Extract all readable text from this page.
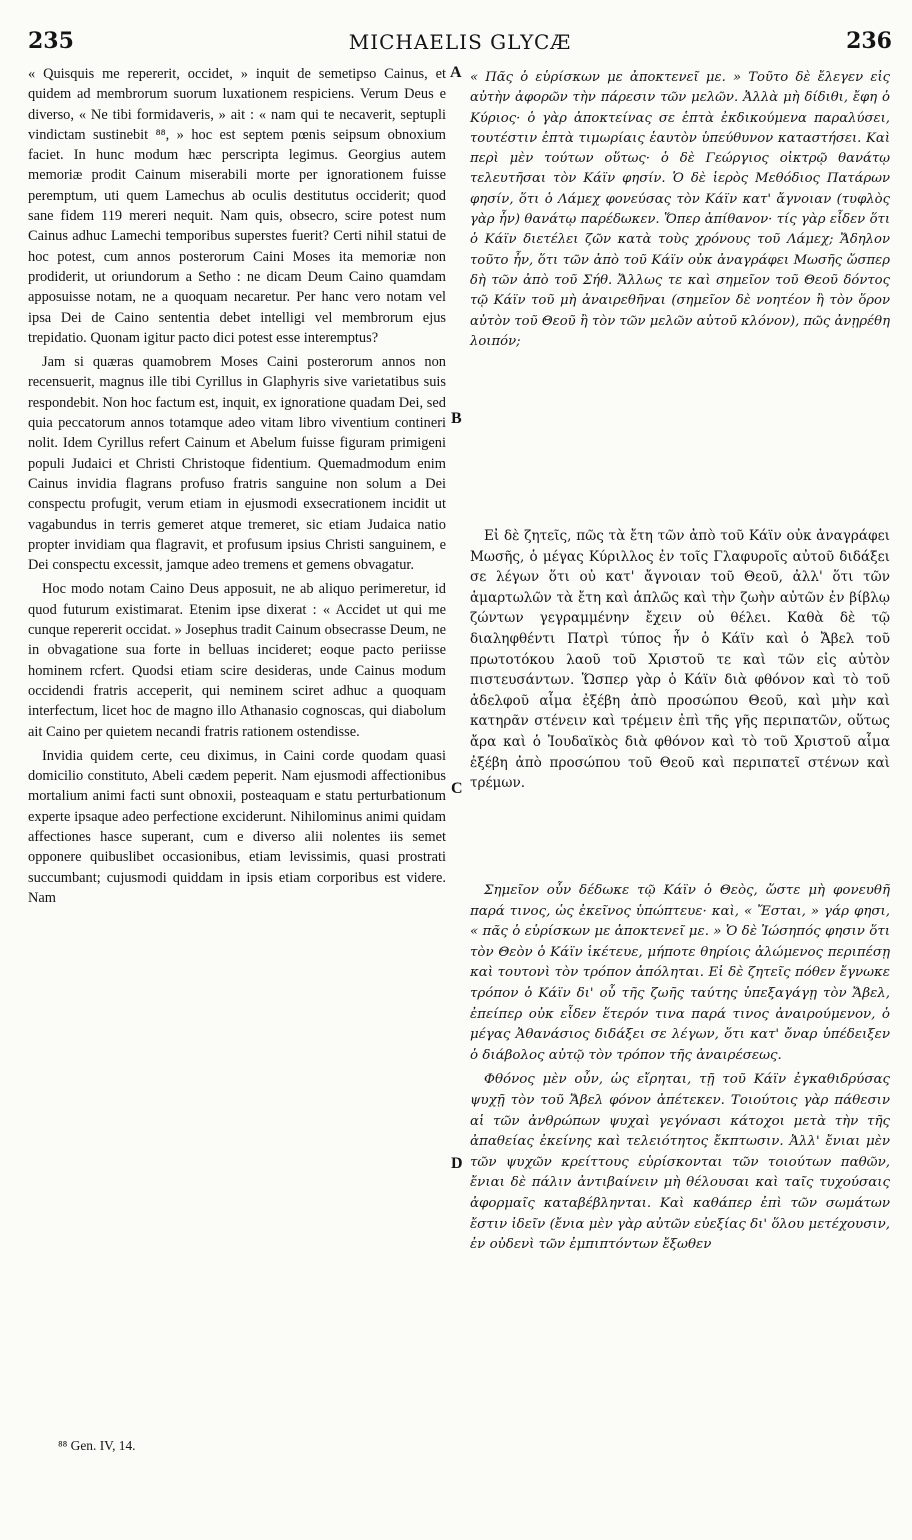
235	MICHAELIS GLYCÆ	236
A
B
C
D

« Quisquis me repererit, occidet, » inquit de semetipso Cainus, et quidem ad membrorum suorum luxationem respiciens. Verum Deus e diverso, « Ne tibi formidaveris, » ait : « nam qui te necaverit, septupli vindictam sustinebit ⁸⁸, » hoc est septem pœnis seipsum obnoxium faciet. In hunc modum hæc perscripta legimus. Georgius autem memoriæ prodit Cainum miserabili morte per ignorationem fuisse peremptum, uti quem Lamechus ab oculis destitutus occiderit; quod sane fidem 119 mereri nequit. Nam quis, obsecro, scire potest num Cainus adhuc Lamechi temporibus superstes fuerit? Certi nihil statui de hoc potest, cum annos posterorum Caini Moses ita memoriæ non prodiderit, ut oriundorum a Setho : ne dicam Deum Caino quamdam apposuisse notam, ne a quoquam necaretur. Per hanc vero notam vel ipsa Dei de Caino sententia debet intelligi vel membrorum ejus trepidatio. Quonam igitur pacto dici potest esse interemptus?

Jam si quæras quamobrem Moses Caini posterorum annos non recensuerit, magnus ille tibi Cyrillus in Glaphyris sive varietatibus suis respondebit. Non hoc factum est, inquit, ex ignoratione quadam Dei, sed quia peccatorum annos totamque adeo vitam libro viventium contineri nolit. Idem Cyrillus refert Cainum et Abelum fuisse figuram primigeni populi Judaici et Christi Christoque fidentium. Quemadmodum enim Cainus invidia flagrans profuso fratris sanguine non solum a Dei conspectu profugit, verum etiam in ejusmodi exsecrationem incidit ut vagabundus in terris gemeret atque tremeret, sic etiam Judaica natio propter invidiam qua flagravit, et profusum ipsius Christi sanguinem, e Dei conspectu excessit, jamque adeo tremens et gemens obvagatur.

Hoc modo notam Caino Deus apposuit, ne ab aliquo perimeretur, id quod futurum existimarat. Etenim ipse dixerat : « Accidet ut qui me cunque repererit occidat. » Josephus tradit Cainum obsecrasse Deum, ne in obvagatione sua forte in belluas incideret; eoque pacto periisse hominem rcfert. Quodsi etiam scire desideras, unde Cainus modum occidendi fratris acceperit, qui neminem sciret adhuc a quoquam interfectum, licet hoc de magno illo Athanasio cognoscas, qui diabolum ait Caino per quietem necandi fratris rationem ostendisse.

Invidia quidem certe, ceu diximus, in Caini corde quodam quasi domicilio constituto, Abeli cædem peperit. Nam ejusmodi affectionibus mortalium animi facti sunt obnoxii, posteaquam e statu perturbationum experte ipsaque adeo perfectione exciderunt. Nihilominus animi quidam affectiones hasce superant, cum e diverso alii nolentes iis semet opponere quibuslibet occasionibus, etiam levissimis, quasi prostrati succumbant; cujusmodi quiddam in ipsis etiam corporibus est videre. Nam

« Πᾶς ὁ εὑρίσκων με ἀποκτενεῖ με. » Τοῦτο δὲ ἔλεγεν εἰς αὐτὴν ἀφορῶν τὴν πάρεσιν τῶν μελῶν. Ἀλλὰ μὴ δίδιθι, ἔφη ὁ Κύριος· ὁ γὰρ ἀποκτείνας σε ἑπτὰ ἐκδικούμενα παραλύσει, τουτέστιν ἑπτὰ τιμωρίαις ἑαυτὸν ὑπεύθυνον καταστήσει. Καὶ περὶ μὲν τούτων οὕτως· ὁ δὲ Γεώργιος οἰκτρῷ θανάτῳ τελευτῆσαι τὸν Κάϊν φησίν. Ὁ δὲ ἱερὸς Μεθόδιος Πατάρων φησίν, ὅτι ὁ Λάμεχ φονεύσας τὸν Κάϊν κατ' ἄγνοιαν (τυφλὸς γὰρ ἦν) θανάτῳ παρέδωκεν. Ὅπερ ἀπίθανον· τίς γὰρ εἶδεν ὅτι ὁ Κάϊν διετέλει ζῶν κατὰ τοὺς χρόνους τοῦ Λάμεχ; Ἄδηλον τοῦτο ἦν, ὅτι τῶν ἀπὸ τοῦ Κάϊν οὐκ ἀναγράφει Μωσῆς ὥσπερ δὴ τῶν ἀπὸ τοῦ Σήθ. Ἄλλως τε καὶ σημεῖον τοῦ Θεοῦ δόντος τῷ Κάϊν τοῦ μὴ ἀναιρεθῆναι (σημεῖον δὲ νοητέον ἢ τὸν ὅρον αὐτὸν τοῦ Θεοῦ ἢ τὸν τῶν μελῶν αὐτοῦ κλόνον), πῶς ἀνῃρέθη λοιπόν;

Εἰ δὲ ζητεῖς, πῶς τὰ ἔτη τῶν ἀπὸ τοῦ Κάϊν οὐκ ἀναγράφει Μωσῆς, ὁ μέγας Κύριλλος ἐν τοῖς Γλαφυροῖς αὐτοῦ διδάξει σε λέγων ὅτι οὐ κατ' ἄγνοιαν τοῦ Θεοῦ, ἀλλ' ὅτι τῶν ἁμαρτωλῶν τὰ ἔτη καὶ ἁπλῶς καὶ τὴν ζωὴν αὐτῶν ἐν βίβλῳ ζώντων γεγραμμένην ἔχειν οὐ θέλει. Καθὰ δὲ τῷ διαληφθέντι Πατρὶ τύπος ἦν ὁ Κάϊν καὶ ὁ Ἄβελ τοῦ πρωτοτόκου λαοῦ τοῦ Χριστοῦ τε καὶ τῶν εἰς αὐτὸν πιστευσάντων. Ὥσπερ γὰρ ὁ Κάϊν διὰ φθόνον καὶ τὸ τοῦ ἀδελφοῦ αἷμα ἐξέβη ἀπὸ προσώπου Θεοῦ, καὶ μὴν καὶ κατηρᾶν στένειν καὶ τρέμειν ἐπὶ τῆς γῆς περιπατῶν, οὕτως ἄρα καὶ ὁ Ἰουδαϊκὸς διὰ φθόνον καὶ τὸ τοῦ Χριστοῦ αἷμα ἐξέβη ἀπὸ προσώπου τοῦ Θεοῦ καὶ περιπατεῖ στένων καὶ τρέμων.

Σημεῖον οὖν δέδωκε τῷ Κάϊν ὁ Θεὸς, ὥστε μὴ φονευθῆ παρά τινος, ὡς ἐκεῖνος ὑπώπτευε· καὶ, « Ἔσται, » γάρ φησι, « πᾶς ὁ εὑρίσκων με ἀποκτενεῖ με. » Ὁ δὲ Ἰώσηπός φησιν ὅτι τὸν Θεὸν ὁ Κάϊν ἱκέτευε, μήποτε θηρίοις ἀλώμενος περιπέσῃ καὶ τουτονὶ τὸν τρόπον ἀπόληται. Εἰ δὲ ζητεῖς πόθεν ἔγνωκε τρόπον ὁ Κάϊν δι' οὗ τῆς ζωῆς ταύτης ὑπεξαγάγῃ τὸν Ἄβελ, ἐπείπερ οὐκ εἶδεν ἕτερόν τινα παρά τινος ἀναιρούμενον, ὁ μέγας Ἀθανάσιος διδάξει σε λέγων, ὅτι κατ' ὄναρ ὑπέδειξεν ὁ διάβολος αὐτῷ τὸν τρόπον τῆς ἀναιρέσεως.

Φθόνος μὲν οὖν, ὡς εἴρηται, τῇ τοῦ Κάϊν ἐγκαθιδρύσας ψυχῇ τὸν τοῦ Ἄβελ φόνον ἀπέτεκεν. Τοιούτοις γὰρ πάθεσιν αἱ τῶν ἀνθρώπων ψυχαὶ γεγόνασι κάτοχοι μετὰ τὴν τῆς ἀπαθείας ἐκείνης καὶ τελειότητος ἔκπτωσιν. Ἀλλ' ἔνιαι μὲν τῶν ψυχῶν κρείττους εὑρίσκονται τῶν τοιούτων παθῶν, ἔνιαι δὲ πάλιν ἀντιβαίνειν μὴ θέλουσαι καὶ ταῖς τυχούσαις ἀφορμαῖς καταβέβληνται. Καὶ καθάπερ ἐπὶ τῶν σωμάτων ἔστιν ἰδεῖν (ἔνια μὲν γὰρ αὐτῶν εὐεξίας δι' ὅλου μετέχουσιν, ἐν οὐδενὶ τῶν ἐμπιπτόντων ἔξωθεν

⁸⁸ Gen. IV, 14.
